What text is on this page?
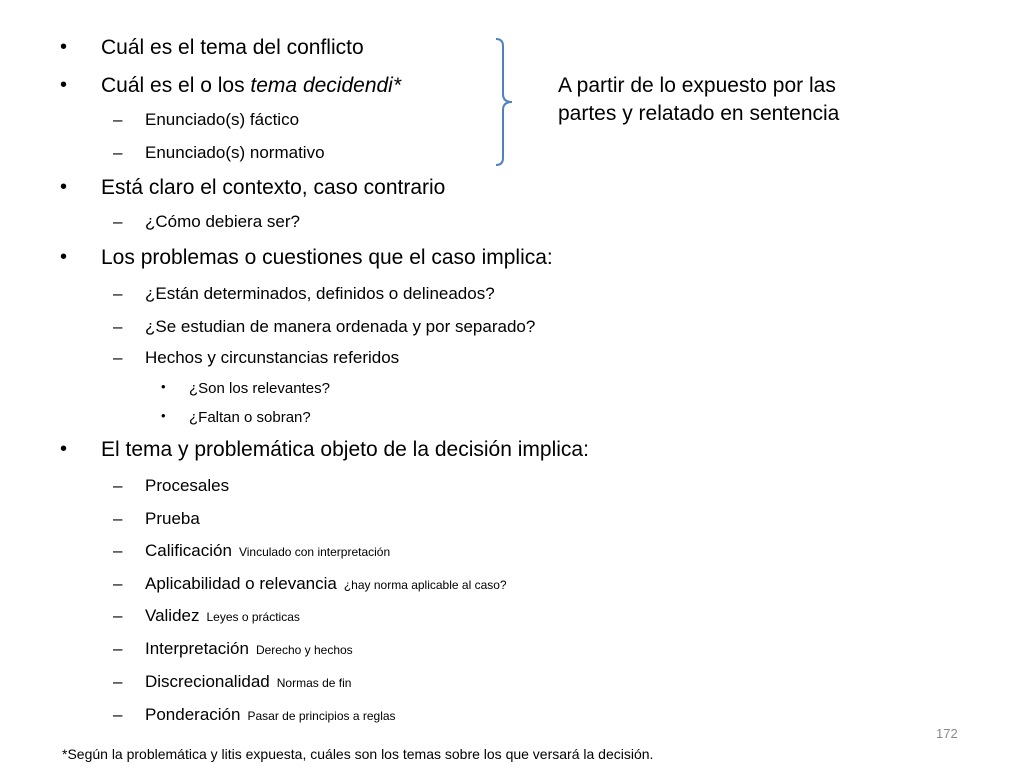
• Cuál es el tema del conflicto
• Cuál es el o los tema decidendi*
– Enunciado(s) fáctico
– Enunciado(s) normativo
• Está claro el contexto, caso contrario
– ¿Cómo debiera ser?
• Los problemas o cuestiones que el caso implica:
– ¿Están determinados, definidos o delineados?
– ¿Se estudian de manera ordenada y por separado?
– Hechos y circunstancias referidos
• ¿Son los relevantes?
• ¿Faltan o sobran?
• El tema y problemática objeto de la decisión implica:
– Procesales
– Prueba
– Calificación Vinculado con interpretación
– Aplicabilidad o relevancia ¿hay norma aplicable al caso?
– Validez Leyes o prácticas
– Interpretación Derecho y hechos
– Discrecionalidad Normas de fin
– Ponderación Pasar de principios a reglas
A partir de lo expuesto por las
partes y relatado en sentencia
172
*Según la problemática y litis expuesta, cuáles son los temas sobre los que versará la decisión.
